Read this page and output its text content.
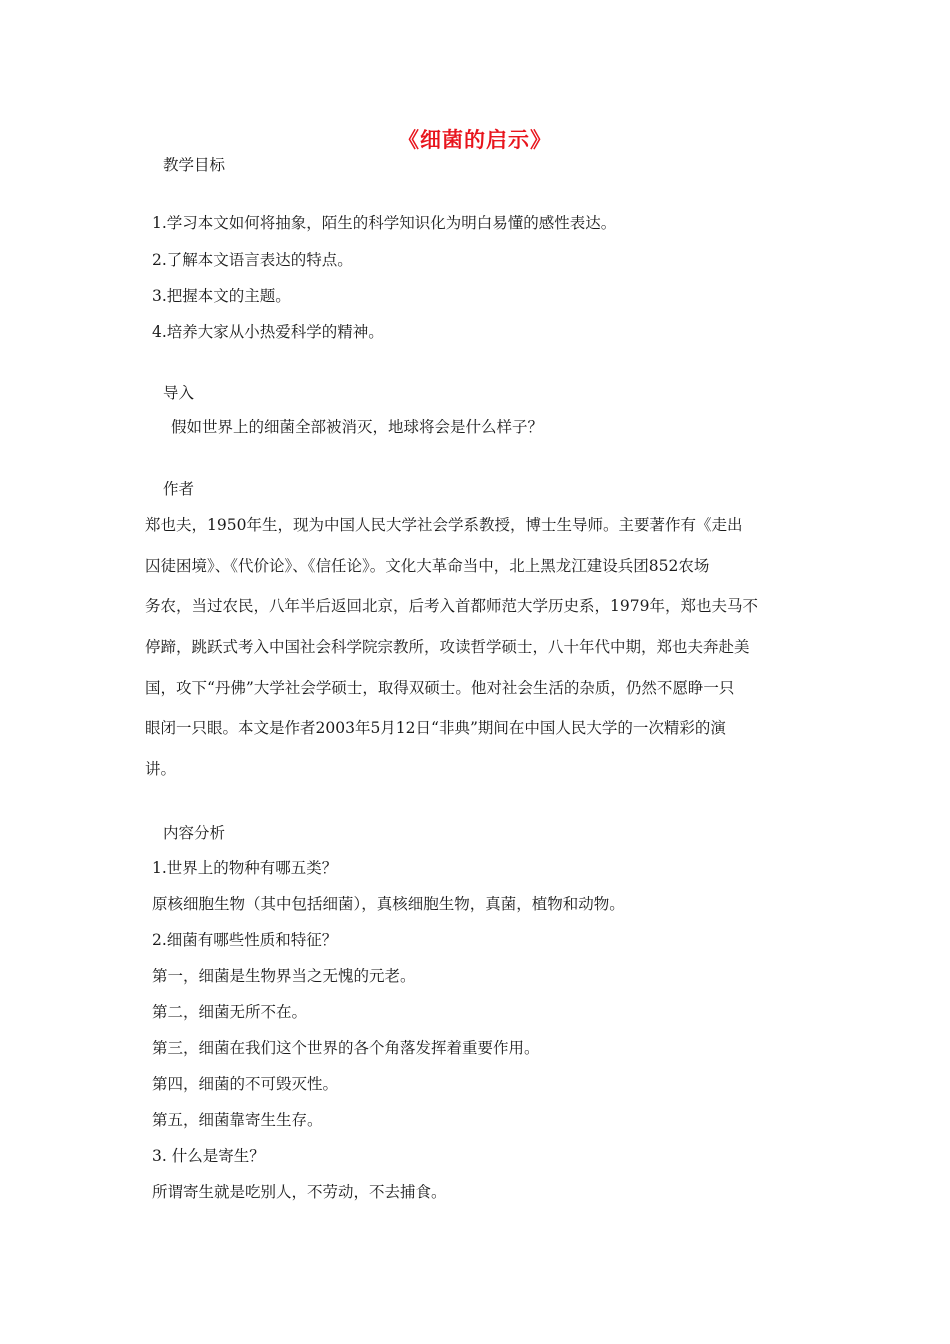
《细菌的启示》
教学目标
1.学习本文如何将抽象，陌生的科学知识化为明白易懂的感性表达。
2.了解本文语言表达的特点。
3.把握本文的主题。
4.培养大家从小热爱科学的精神。
导入
假如世界上的细菌全部被消灭，地球将会是什么样子？
作者
郑也夫，1950年生，现为中国人民大学社会学系教授，博士生导师。主要著作有《走出
囚徒困境》、《代价论》、《信任论》。文化大革命当中，北上黑龙江建设兵团852农场
务农，当过农民，八年半后返回北京，后考入首都师范大学历史系，1979年，郑也夫马不
停蹄，跳跃式考入中国社会科学院宗教所，攻读哲学硕士，八十年代中期，郑也夫奔赴美
国，攻下“丹佛”大学社会学硕士，取得双硕士。他对社会生活的杂质，仍然不愿睁一只
眼闭一只眼。本文是作者2003年5月12日“非典”期间在中国人民大学的一次精彩的演
讲。
内容分析
1.世界上的物种有哪五类？
原核细胞生物（其中包括细菌），真核细胞生物，真菌，植物和动物。
2.细菌有哪些性质和特征？
第一，细菌是生物界当之无愧的元老。
第二，细菌无所不在。
第三，细菌在我们这个世界的各个角落发挥着重要作用。
第四，细菌的不可毁灭性。
第五，细菌靠寄生生存。
3. 什么是寄生？
所谓寄生就是吃别人，不劳动，不去捕食。
